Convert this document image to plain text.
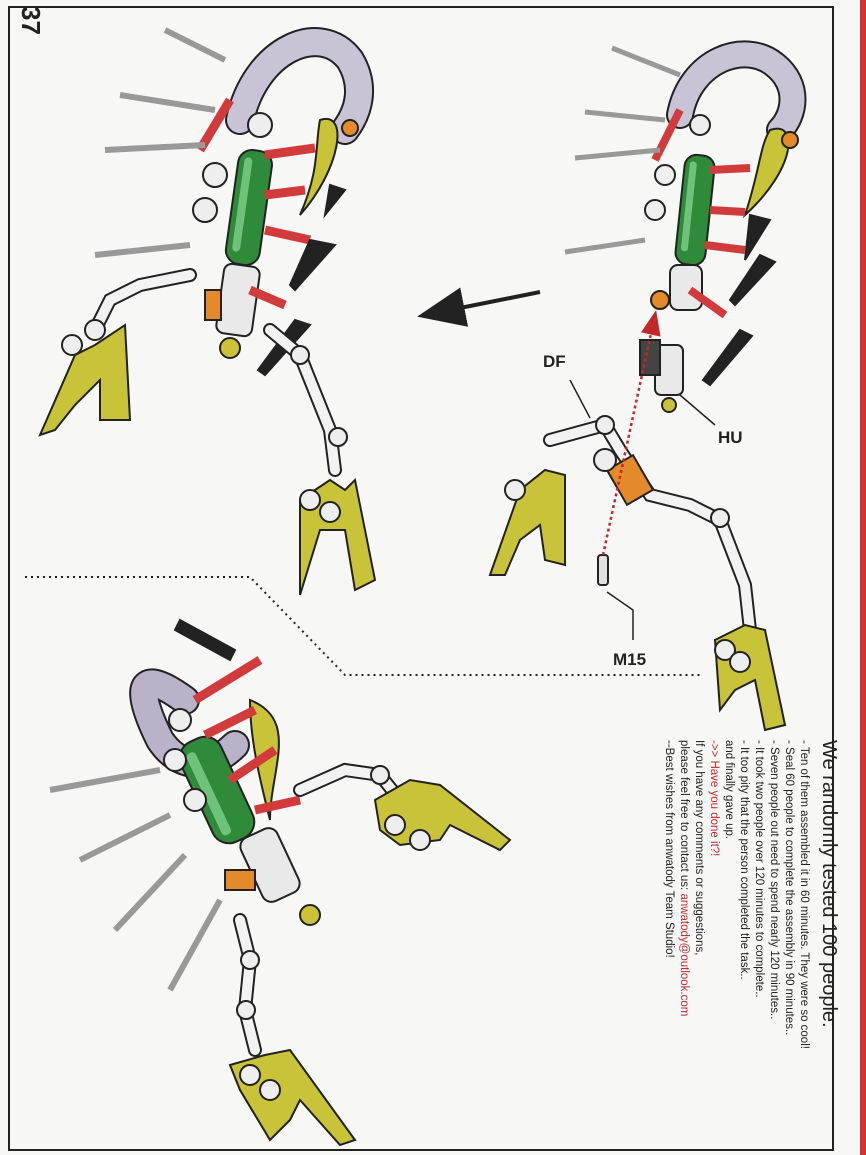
37
DF
HU
M15
We randomly tested 100 people:
- Ten of them assembled it in 60 minutes. They were so cool!
- Seal 60 people to complete the assembly in 90 minutes..
- Seven people out need to spend nearly 120 minutes..
- It took two people over 120 minutes to complete..
- It too pity that the person completed the task..
and finally gave up.
->> Have you done it?!
If you have any comments or suggestions,
please feel free to contact us: anwatody@outlook.com
--Best wishes from anwatody Team Studio!
